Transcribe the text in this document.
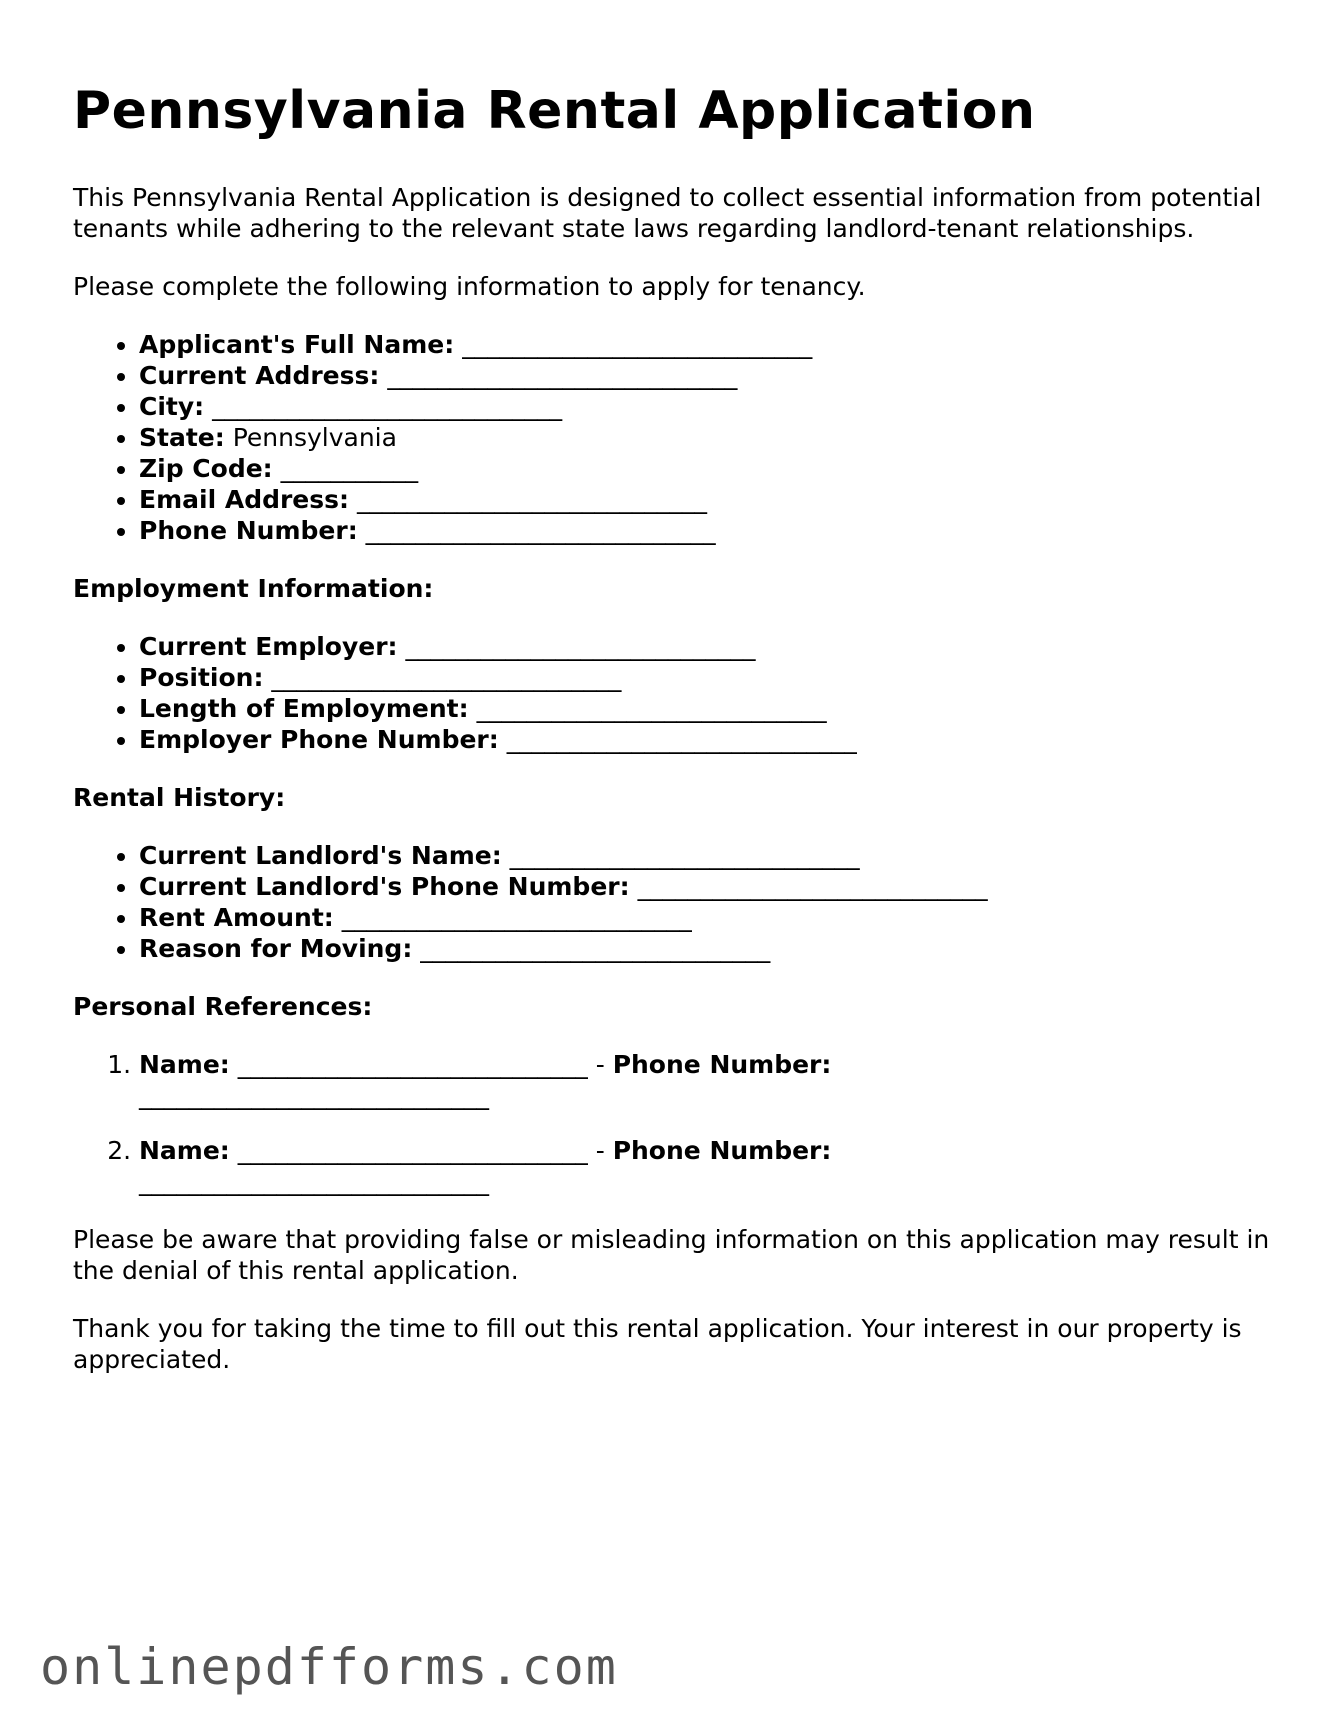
Pennsylvania Rental Application

This Pennsylvania Rental Application is designed to collect essential information from potential tenants while adhering to the relevant state laws regarding landlord-tenant relationships.

Please complete the following information to apply for tenancy.

• Applicant's Full Name: ____________________________
• Current Address: ____________________________
• City: ____________________________
• State: Pennsylvania
• Zip Code: ___________
• Email Address: ____________________________
• Phone Number: ____________________________
Employment Information:
• Current Employer: ____________________________
• Position: ____________________________
• Length of Employment: ____________________________
• Employer Phone Number: ____________________________
Rental History:
• Current Landlord's Name: ____________________________
• Current Landlord's Phone Number: ____________________________
• Rent Amount: ____________________________
• Reason for Moving: ____________________________
Personal References:
1. Name: ____________________________ - Phone Number: ____________________________
2. Name: ____________________________ - Phone Number: ____________________________

Please be aware that providing false or misleading information on this application may result in the denial of this rental application.

Thank you for taking the time to fill out this rental application. Your interest in our property is appreciated.

onlinepdfforms.com
